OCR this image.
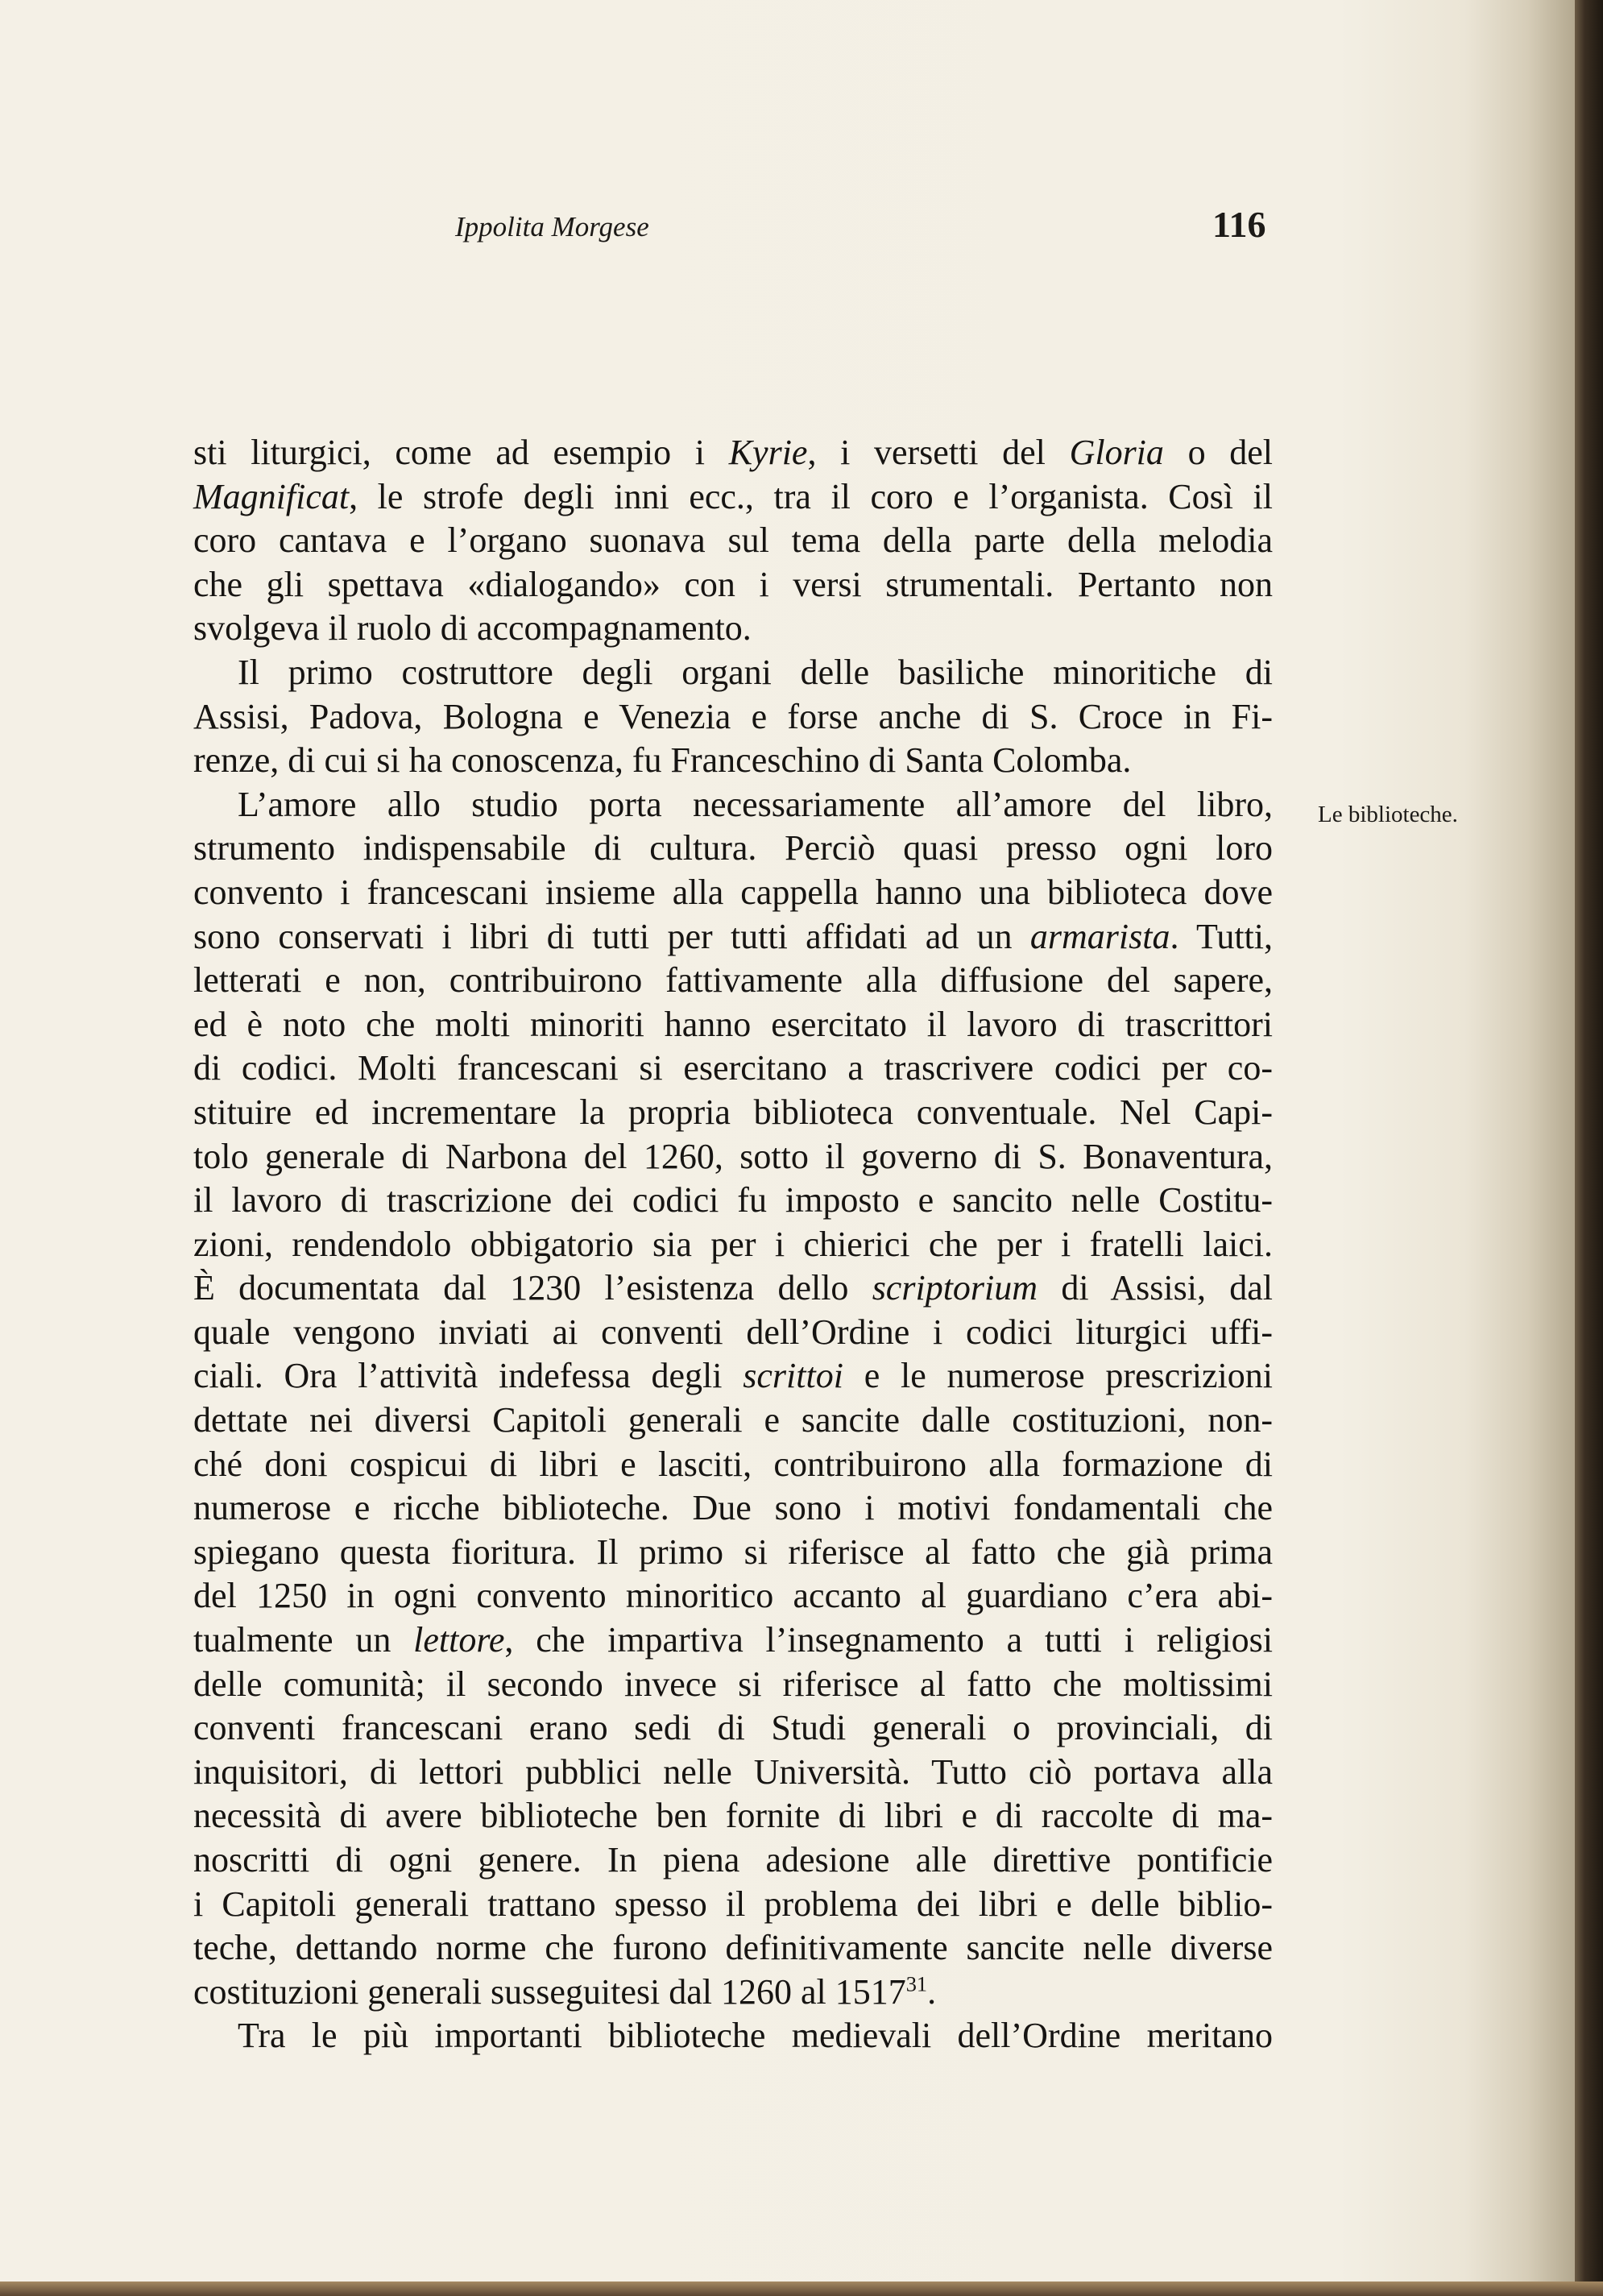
Ippolita Morgese	116
sti liturgici, come ad esempio i Kyrie, i versetti del Gloria o del
Magnificat, le strofe degli inni ecc., tra il coro e l’organista. Così il
coro cantava e l’organo suonava sul tema della parte della melodia
che gli spettava «dialogando» con i versi strumentali. Pertanto non
svolgeva il ruolo di accompagnamento.
Il primo costruttore degli organi delle basiliche minoritiche di
Assisi, Padova, Bologna e Venezia e forse anche di S. Croce in Fi-
renze, di cui si ha conoscenza, fu Franceschino di Santa Colomba.
L’amore allo studio porta necessariamente all’amore del libro,
strumento indispensabile di cultura. Perciò quasi presso ogni loro
convento i francescani insieme alla cappella hanno una biblioteca dove
sono conservati i libri di tutti per tutti affidati ad un armarista. Tutti,
letterati e non, contribuirono fattivamente alla diffusione del sapere,
ed è noto che molti minoriti hanno esercitato il lavoro di trascrittori
di codici. Molti francescani si esercitano a trascrivere codici per co-
stituire ed incrementare la propria biblioteca conventuale. Nel Capi-
tolo generale di Narbona del 1260, sotto il governo di S. Bonaventura,
il lavoro di trascrizione dei codici fu imposto e sancito nelle Costitu-
zioni, rendendolo obbigatorio sia per i chierici che per i fratelli laici.
È documentata dal 1230 l’esistenza dello scriptorium di Assisi, dal
quale vengono inviati ai conventi dell’Ordine i codici liturgici uffi-
ciali. Ora l’attività indefessa degli scrittoi e le numerose prescrizioni
dettate nei diversi Capitoli generali e sancite dalle costituzioni, non-
ché doni cospicui di libri e lasciti, contribuirono alla formazione di
numerose e ricche biblioteche. Due sono i motivi fondamentali che
spiegano questa fioritura. Il primo si riferisce al fatto che già prima
del 1250 in ogni convento minoritico accanto al guardiano c’era abi-
tualmente un lettore, che impartiva l’insegnamento a tutti i religiosi
delle comunità; il secondo invece si riferisce al fatto che moltissimi
conventi francescani erano sedi di Studi generali o provinciali, di
inquisitori, di lettori pubblici nelle Università. Tutto ciò portava alla
necessità di avere biblioteche ben fornite di libri e di raccolte di ma-
noscritti di ogni genere. In piena adesione alle direttive pontificie
i Capitoli generali trattano spesso il problema dei libri e delle biblio-
teche, dettando norme che furono definitivamente sancite nelle diverse
costituzioni generali susseguitesi dal 1260 al 1517$^{31}$.
Tra le più importanti biblioteche medievali dell’Ordine meritano
Le biblioteche.
